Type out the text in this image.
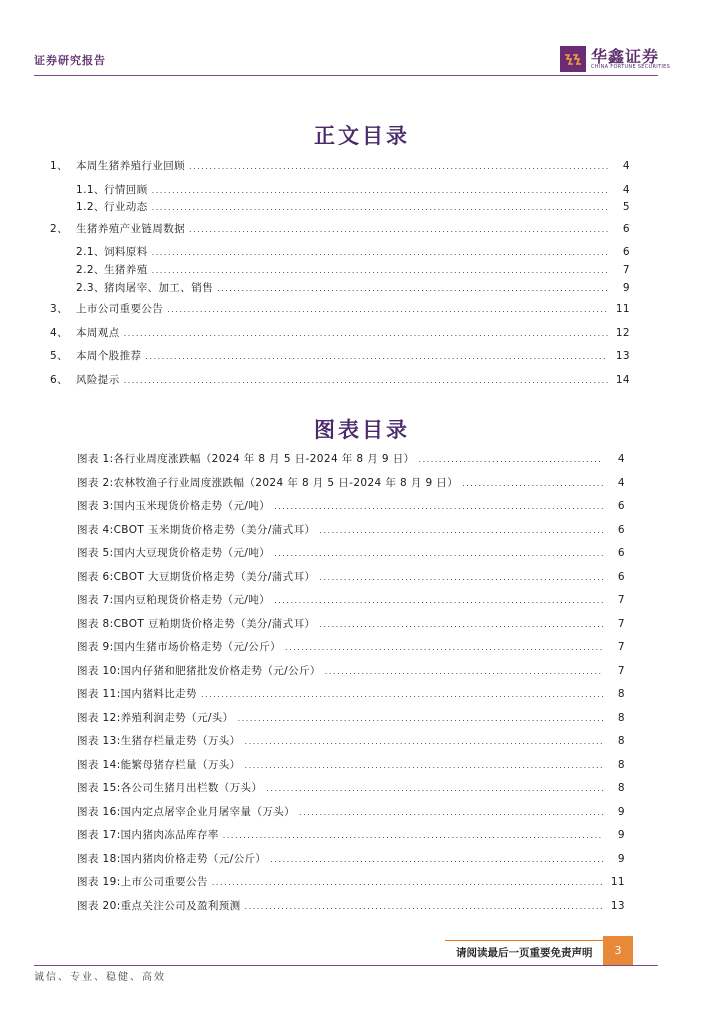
证券研究报告	华鑫证券
CHINA FORTUNE SECURITIES
正文目录
1、 本周生猪养殖行业回顾 . . .	4
1.1、 行情回顾 . . .	4
1.2、 行业动态 . . .	5
2、 生猪养殖产业链周数据 . . .	6
2.1、 饲料原料 . . .	6
2.2、 生猪养殖 . . .	7
2.3、 猪肉屠宰、加工、销售 . . .	9
3、 上市公司重要公告 . . .	11
4、 本周观点 . . .	12
5、 本周个股推荐 . . .	13
6、 风险提示 . . .	14
图表目录
图表 1: 各行业周度涨跌幅（2024 年 8 月 5 日-2024 年 8 月 9 日） . . .	4
图表 2: 农林牧渔子行业周度涨跌幅（2024 年 8 月 5 日-2024 年 8 月 9 日） . . .	4
图表 3: 国内玉米现货价格走势（元/吨） . . .	6
图表 4: CBOT 玉米期货价格走势（美分/蒲式耳） . . .	6
图表 5: 国内大豆现货价格走势（元/吨） . . .	6
图表 6: CBOT 大豆期货价格走势（美分/蒲式耳） . . .	6
图表 7: 国内豆粕现货价格走势（元/吨） . . .	7
图表 8: CBOT 豆粕期货价格走势（美分/蒲式耳） . . .	7
图表 9: 国内生猪市场价格走势（元/公斤） . . .	7
图表 10: 国内仔猪和肥猪批发价格走势（元/公斤） . . .	7
图表 11: 国内猪料比走势 . . .	8
图表 12: 养殖利润走势（元/头） . . .	8
图表 13: 生猪存栏量走势（万头） . . .	8
图表 14: 能繁母猪存栏量（万头） . . .	8
图表 15: 各公司生猪月出栏数（万头） . . .	8
图表 16: 国内定点屠宰企业月屠宰量（万头） . . .	9
图表 17: 国内猪肉冻品库存率 . . .	9
图表 18: 国内猪肉价格走势（元/公斤） . . .	9
图表 19: 上市公司重要公告 . . .	11
图表 20: 重点关注公司及盈利预测 . . .	13
请阅读最后一页重要免责声明	3
诚信、专业、稳健、高效
